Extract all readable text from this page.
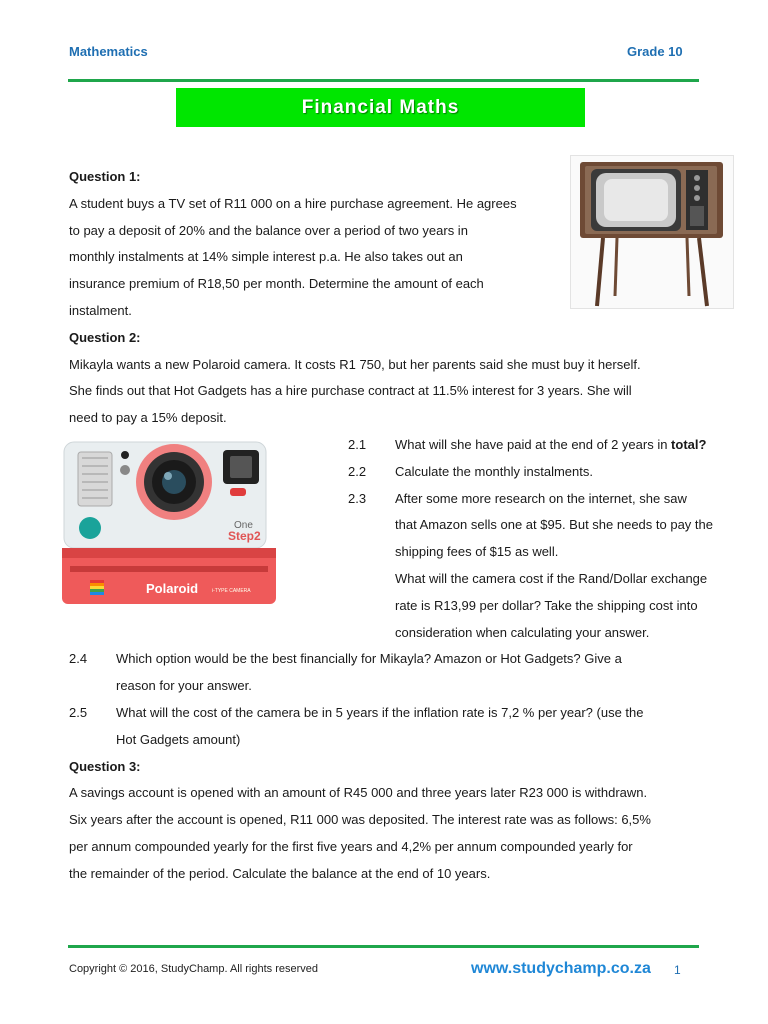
Mathematics	Grade 10
Financial Maths
One
Step2
Polaroid	i-TYPE CAMERA
Question 1:
A student buys a TV set of R11 000 on a hire purchase agreement. He agrees
to pay a deposit of 20% and the balance over a period of two years in
monthly instalments at 14% simple interest p.a. He also takes out an
insurance premium of R18,50 per month. Determine the amount of each
instalment.
Question 2:
Mikayla wants a new Polaroid camera. It costs R1 750, but her parents said she must buy it herself.
She finds out that Hot Gadgets has a hire purchase contract at 11.5% interest for 3 years. She will
need to pay a 15% deposit.
2.1 What will she have paid at the end of 2 years in total?
2.2 Calculate the monthly instalments.
2.3 After some more research on the internet, she saw
that Amazon sells one at $95. But she needs to pay the
shipping fees of $15 as well.
What will the camera cost if the Rand/Dollar exchange
rate is R13,99 per dollar? Take the shipping cost into
consideration when calculating your answer.
2.4 Which option would be the best financially for Mikayla? Amazon or Hot Gadgets? Give a
reason for your answer.
2.5 What will the cost of the camera be in 5 years if the inflation rate is 7,2 % per year? (use the
Hot Gadgets amount)
Question 3:
A savings account is opened with an amount of R45 000 and three years later R23 000 is withdrawn.
Six years after the account is opened, R11 000 was deposited. The interest rate was as follows: 6,5%
per annum compounded yearly for the first five years and 4,2% per annum compounded yearly for
the remainder of the period. Calculate the balance at the end of 10 years.
Copyright © 2016, StudyChamp. All rights reserved	www.studychamp.co.za 1
